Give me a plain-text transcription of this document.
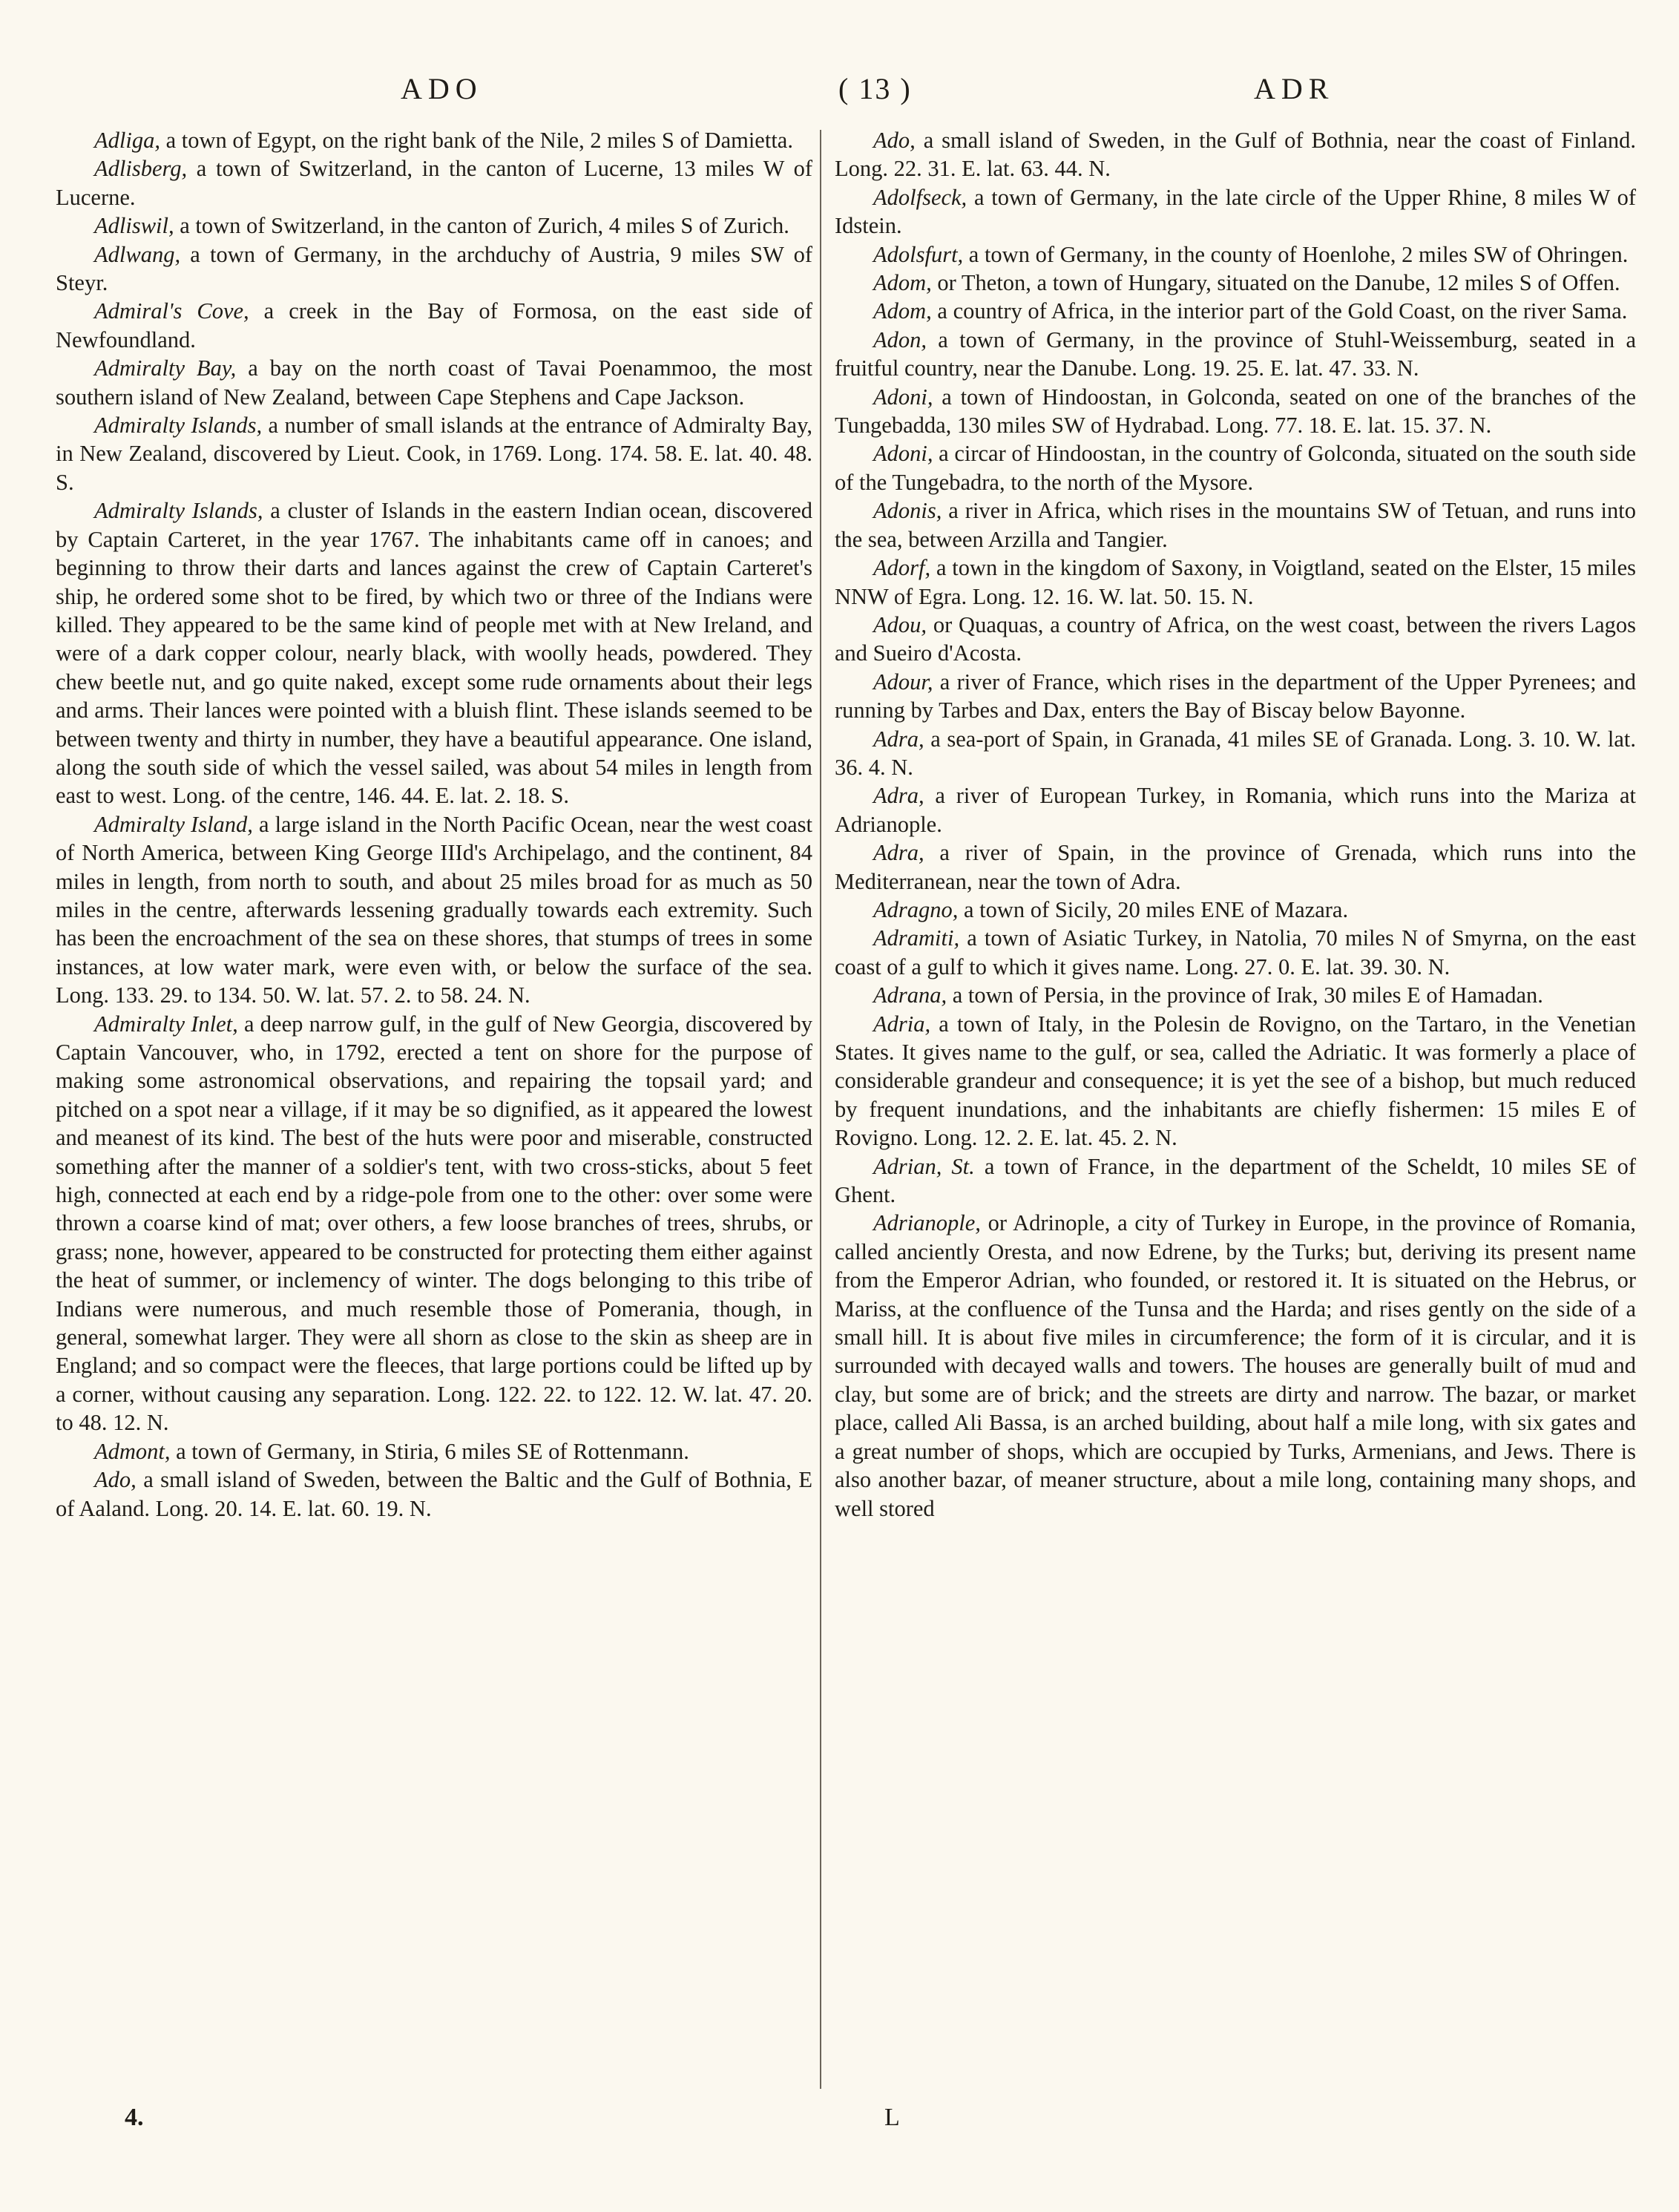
ADO	( 13 )	ADR

Adliga, a town of Egypt, on the right bank of the Nile, 2 miles S of Damietta.

Adlisberg, a town of Switzerland, in the canton of Lucerne, 13 miles W of Lucerne.

Adliswil, a town of Switzerland, in the canton of Zurich, 4 miles S of Zurich.

Adlwang, a town of Germany, in the archduchy of Austria, 9 miles SW of Steyr.

Admiral's Cove, a creek in the Bay of Formosa, on the east side of Newfoundland.

Admiralty Bay, a bay on the north coast of Tavai Poenammoo, the most southern island of New Zealand, between Cape Stephens and Cape Jackson.

Admiralty Islands, a number of small islands at the entrance of Admiralty Bay, in New Zealand, discovered by Lieut. Cook, in 1769. Long. 174. 58. E. lat. 40. 48. S.

Admiralty Islands, a cluster of Islands in the eastern Indian ocean, discovered by Captain Carteret, in the year 1767. The inhabitants came off in canoes; and beginning to throw their darts and lances against the crew of Captain Carteret's ship, he ordered some shot to be fired, by which two or three of the Indians were killed. They appeared to be the same kind of people met with at New Ireland, and were of a dark copper colour, nearly black, with woolly heads, powdered. They chew beetle nut, and go quite naked, except some rude ornaments about their legs and arms. Their lances were pointed with a bluish flint. These islands seemed to be between twenty and thirty in number, they have a beautiful appearance. One island, along the south side of which the vessel sailed, was about 54 miles in length from east to west. Long. of the centre, 146. 44. E. lat. 2. 18. S.

Admiralty Island, a large island in the North Pacific Ocean, near the west coast of North America, between King George IIId's Archipelago, and the continent, 84 miles in length, from north to south, and about 25 miles broad for as much as 50 miles in the centre, afterwards lessening gradually towards each extremity. Such has been the encroachment of the sea on these shores, that stumps of trees in some instances, at low water mark, were even with, or below the surface of the sea. Long. 133. 29. to 134. 50. W. lat. 57. 2. to 58. 24. N.

Admiralty Inlet, a deep narrow gulf, in the gulf of New Georgia, discovered by Captain Vancouver, who, in 1792, erected a tent on shore for the purpose of making some astronomical observations, and repairing the topsail yard; and pitched on a spot near a village, if it may be so dignified, as it appeared the lowest and meanest of its kind. The best of the huts were poor and miserable, constructed something after the manner of a soldier's tent, with two cross-sticks, about 5 feet high, connected at each end by a ridge-pole from one to the other: over some were thrown a coarse kind of mat; over others, a few loose branches of trees, shrubs, or grass; none, however, appeared to be constructed for protecting them either against the heat of summer, or inclemency of winter. The dogs belonging to this tribe of Indians were numerous, and much resemble those of Pomerania, though, in general, somewhat larger. They were all shorn as close to the skin as sheep are in England; and so compact were the fleeces, that large portions could be lifted up by a corner, without causing any separation. Long. 122. 22. to 122. 12. W. lat. 47. 20. to 48. 12. N.

Admont, a town of Germany, in Stiria, 6 miles SE of Rottenmann.

Ado, a small island of Sweden, between the Baltic and the Gulf of Bothnia, E of Aaland. Long. 20. 14. E. lat. 60. 19. N.

Ado, a small island of Sweden, in the Gulf of Bothnia, near the coast of Finland. Long. 22. 31. E. lat. 63. 44. N.

Adolfseck, a town of Germany, in the late circle of the Upper Rhine, 8 miles W of Idstein.

Adolsfurt, a town of Germany, in the county of Hoenlohe, 2 miles SW of Ohringen.

Adom, or Theton, a town of Hungary, situated on the Danube, 12 miles S of Offen.

Adom, a country of Africa, in the interior part of the Gold Coast, on the river Sama.

Adon, a town of Germany, in the province of Stuhl-Weissemburg, seated in a fruitful country, near the Danube. Long. 19. 25. E. lat. 47. 33. N.

Adoni, a town of Hindoostan, in Golconda, seated on one of the branches of the Tungebadda, 130 miles SW of Hydrabad. Long. 77. 18. E. lat. 15. 37. N.

Adoni, a circar of Hindoostan, in the country of Golconda, situated on the south side of the Tungebadra, to the north of the Mysore.

Adonis, a river in Africa, which rises in the mountains SW of Tetuan, and runs into the sea, between Arzilla and Tangier.

Adorf, a town in the kingdom of Saxony, in Voigtland, seated on the Elster, 15 miles NNW of Egra. Long. 12. 16. W. lat. 50. 15. N.

Adou, or Quaquas, a country of Africa, on the west coast, between the rivers Lagos and Sueiro d'Acosta.

Adour, a river of France, which rises in the department of the Upper Pyrenees; and running by Tarbes and Dax, enters the Bay of Biscay below Bayonne.

Adra, a sea-port of Spain, in Granada, 41 miles SE of Granada. Long. 3. 10. W. lat. 36. 4. N.

Adra, a river of European Turkey, in Romania, which runs into the Mariza at Adrianople.

Adra, a river of Spain, in the province of Grenada, which runs into the Mediterranean, near the town of Adra.

Adragno, a town of Sicily, 20 miles ENE of Mazara.

Adramiti, a town of Asiatic Turkey, in Natolia, 70 miles N of Smyrna, on the east coast of a gulf to which it gives name. Long. 27. 0. E. lat. 39. 30. N.

Adrana, a town of Persia, in the province of Irak, 30 miles E of Hamadan.

Adria, a town of Italy, in the Polesin de Rovigno, on the Tartaro, in the Venetian States. It gives name to the gulf, or sea, called the Adriatic. It was formerly a place of considerable grandeur and consequence; it is yet the see of a bishop, but much reduced by frequent inundations, and the inhabitants are chiefly fishermen: 15 miles E of Rovigno. Long. 12. 2. E. lat. 45. 2. N.

Adrian, St. a town of France, in the department of the Scheldt, 10 miles SE of Ghent.

Adrianople, or Adrinople, a city of Turkey in Europe, in the province of Romania, called anciently Oresta, and now Edrene, by the Turks; but, deriving its present name from the Emperor Adrian, who founded, or restored it. It is situated on the Hebrus, or Mariss, at the confluence of the Tunsa and the Harda; and rises gently on the side of a small hill. It is about five miles in circumference; the form of it is circular, and it is surrounded with decayed walls and towers. The houses are generally built of mud and clay, but some are of brick; and the streets are dirty and narrow. The bazar, or market place, called Ali Bassa, is an arched building, about half a mile long, with six gates and a great number of shops, which are occupied by Turks, Armenians, and Jews. There is also another bazar, of meaner structure, about a mile long, containing many shops, and well stored

4.	L
